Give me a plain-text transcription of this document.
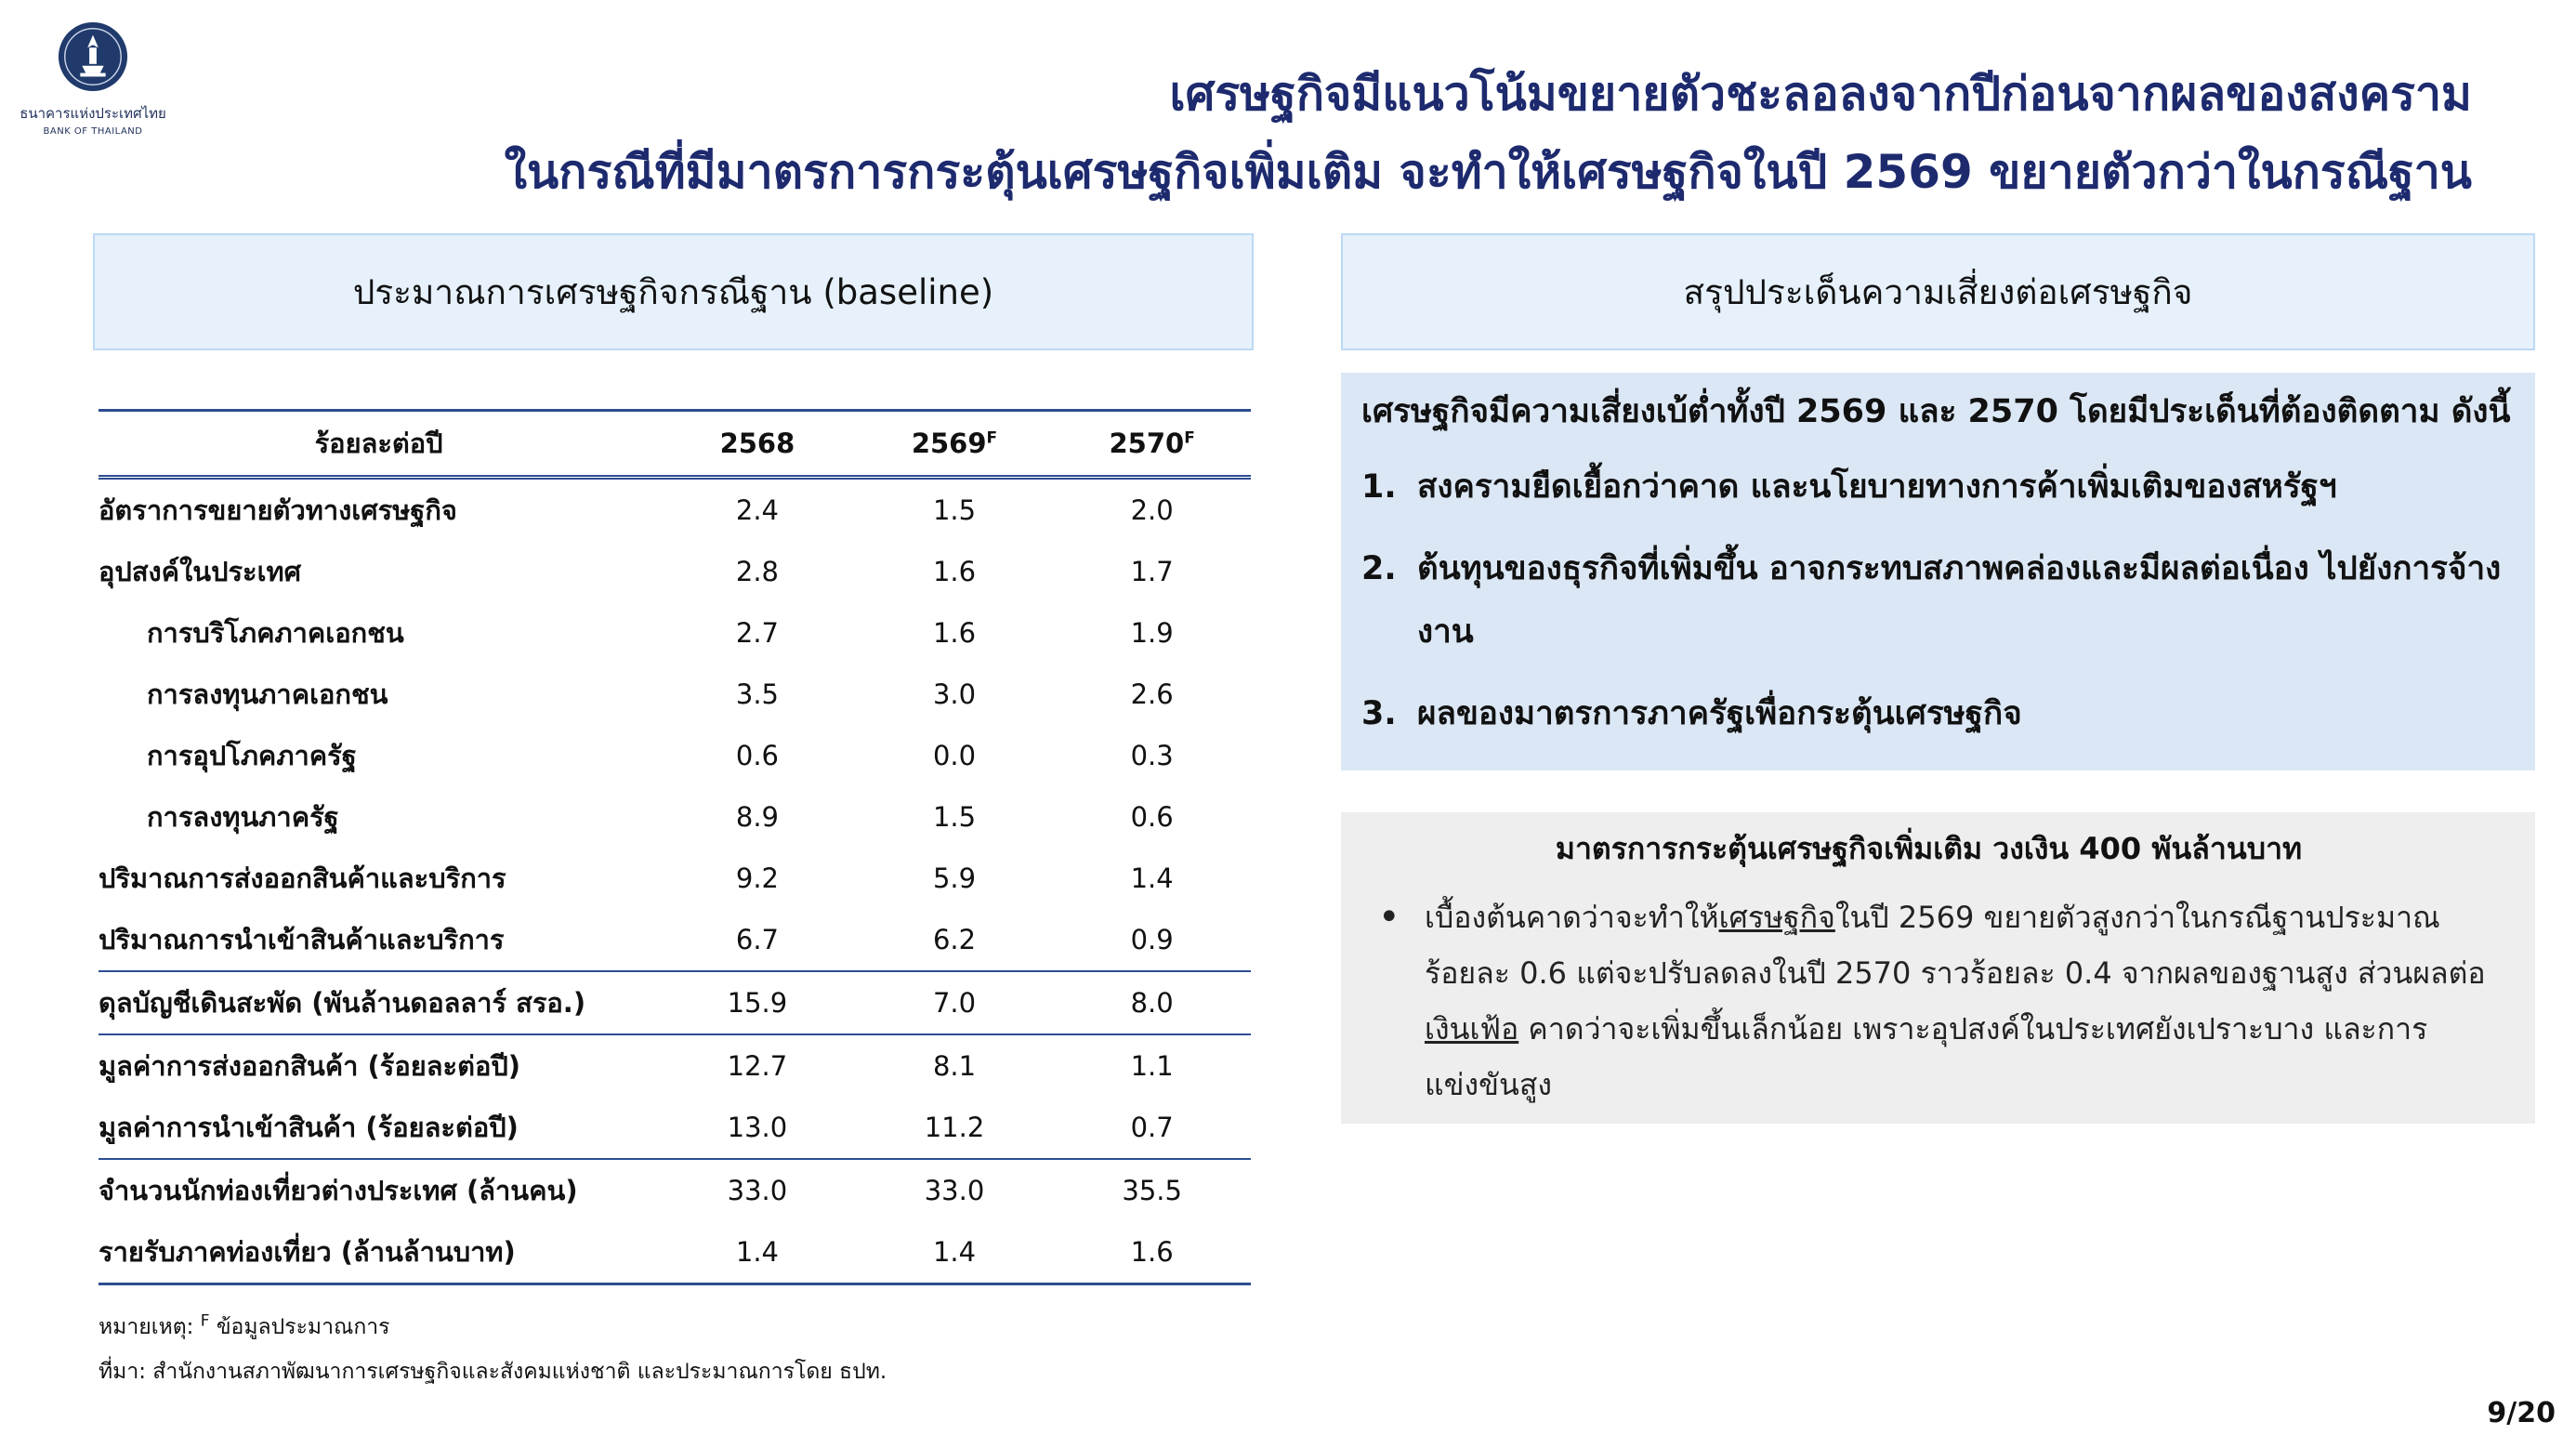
ธนาคารแห่งประเทศไทย
BANK OF THAILAND
เศรษฐกิจมีแนวโน้มขยายตัวชะลอลงจากปีก่อนจากผลของสงคราม
ในกรณีที่มีมาตรการกระตุ้นเศรษฐกิจเพิ่มเติม จะทำให้เศรษฐกิจในปี 2569 ขยายตัวกว่าในกรณีฐาน
ประมาณการเศรษฐกิจกรณีฐาน (baseline)	สรุปประเด็นความเสี่ยงต่อเศรษฐกิจ
ร้อยละต่อปี	2568	$2569^F$	$2570^F$
อัตราการขยายตัวทางเศรษฐกิจ	2.4	1.5	2.0
อุปสงค์ในประเทศ	2.8	1.6	1.7
การบริโภคภาคเอกชน	2.7	1.6	1.9
การลงทุนภาคเอกชน	3.5	3.0	2.6
การอุปโภคภาครัฐ	0.6	0.0	0.3
การลงทุนภาครัฐ	8.9	1.5	0.6
ปริมาณการส่งออกสินค้าและบริการ	9.2	5.9	1.4
ปริมาณการนำเข้าสินค้าและบริการ	6.7	6.2	0.9
ดุลบัญชีเดินสะพัด (พันล้านดอลลาร์ สรอ.)	15.9	7.0	8.0
มูลค่าการส่งออกสินค้า (ร้อยละต่อปี)	12.7	8.1	1.1
มูลค่าการนำเข้าสินค้า (ร้อยละต่อปี)	13.0	11.2	0.7
จำนวนนักท่องเที่ยวต่างประเทศ (ล้านคน)	33.0	33.0	35.5
รายรับภาคท่องเที่ยว (ล้านล้านบาท)	1.4	1.4	1.6
หมายเหตุ: $^F$ ข้อมูลประมาณการ
ที่มา: สำนักงานสภาพัฒนาการเศรษฐกิจและสังคมแห่งชาติ และประมาณการโดย ธปท.
เศรษฐกิจมีความเสี่ยงเบ้ต่ำทั้งปี 2569 และ 2570 โดยมีประเด็นที่ต้องติดตาม ดังนี้
1. สงครามยืดเยื้อกว่าคาด และนโยบายทางการค้าเพิ่มเติมของสหรัฐฯ
2. ต้นทุนของธุรกิจที่เพิ่มขึ้น อาจกระทบสภาพคล่องและมีผลต่อเนื่อง ไปยังการจ้างงาน
3. ผลของมาตรการภาครัฐเพื่อกระตุ้นเศรษฐกิจ
มาตรการกระตุ้นเศรษฐกิจเพิ่มเติม วงเงิน 400 พันล้านบาท
• เบื้องต้นคาดว่าจะทำให้เศรษฐกิจในปี 2569 ขยายตัวสูงกว่าในกรณีฐานประมาณ ร้อยละ 0.6 แต่จะปรับลดลงในปี 2570 ราวร้อยละ 0.4 จากผลของฐานสูง ส่วนผลต่อเงินเฟ้อ คาดว่าจะเพิ่มขึ้นเล็กน้อย เพราะอุปสงค์ในประเทศยังเปราะบาง และการแข่งขันสูง
9/20
